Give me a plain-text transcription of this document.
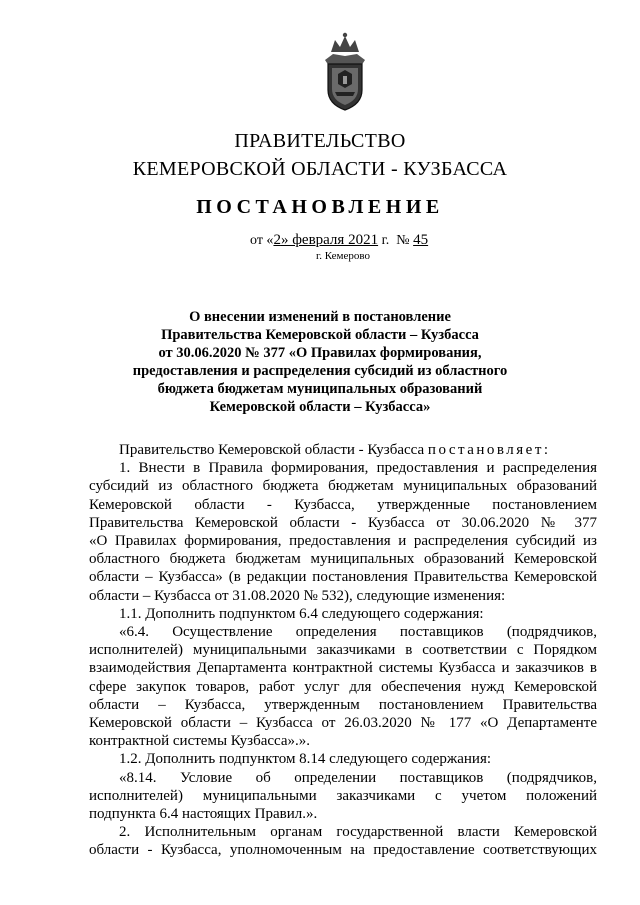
ПРАВИТЕЛЬСТВО
КЕМЕРОВСКОЙ ОБЛАСТИ - КУЗБАССА
ПОСТАНОВЛЕНИЕ
от «2» февраля 2021 г. № 45
г. Кемерово
О внесении изменений в постановление
Правительства Кемеровской области – Кузбасса
от 30.06.2020 № 377 «О Правилах формирования,
предоставления и распределения субсидий из областного
бюджета бюджетам муниципальных образований
Кемеровской области – Кузбасса»
Правительство Кемеровской области - Кузбасса постановляет:
1. Внести в Правила формирования, предоставления и распределения
субсидий из областного бюджета бюджетам муниципальных образований
Кемеровской области - Кузбасса, утвержденные постановлением
Правительства Кемеровской области - Кузбасса от 30.06.2020 № 377
«О Правилах формирования, предоставления и распределения субсидий из
областного бюджета бюджетам муниципальных образований Кемеровской
области – Кузбасса» (в редакции постановления Правительства Кемеровской
области – Кузбасса от 31.08.2020 № 532), следующие изменения:
1.1. Дополнить подпунктом 6.4 следующего содержания:
«6.4. Осуществление определения поставщиков (подрядчиков,
исполнителей) муниципальными заказчиками в соответствии с Порядком
взаимодействия Департамента контрактной системы Кузбасса и заказчиков в
сфере закупок товаров, работ услуг для обеспечения нужд Кемеровской
области – Кузбасса, утвержденным постановлением Правительства
Кемеровской области – Кузбасса от 26.03.2020 № 177 «О Департаменте
контрактной системы Кузбасса».».
1.2. Дополнить подпунктом 8.14 следующего содержания:
«8.14. Условие об определении поставщиков (подрядчиков,
исполнителей) муниципальными заказчиками с учетом положений
подпункта 6.4 настоящих Правил.».
2. Исполнительным органам государственной власти Кемеровской
области - Кузбасса, уполномоченным на предоставление соответствующих
